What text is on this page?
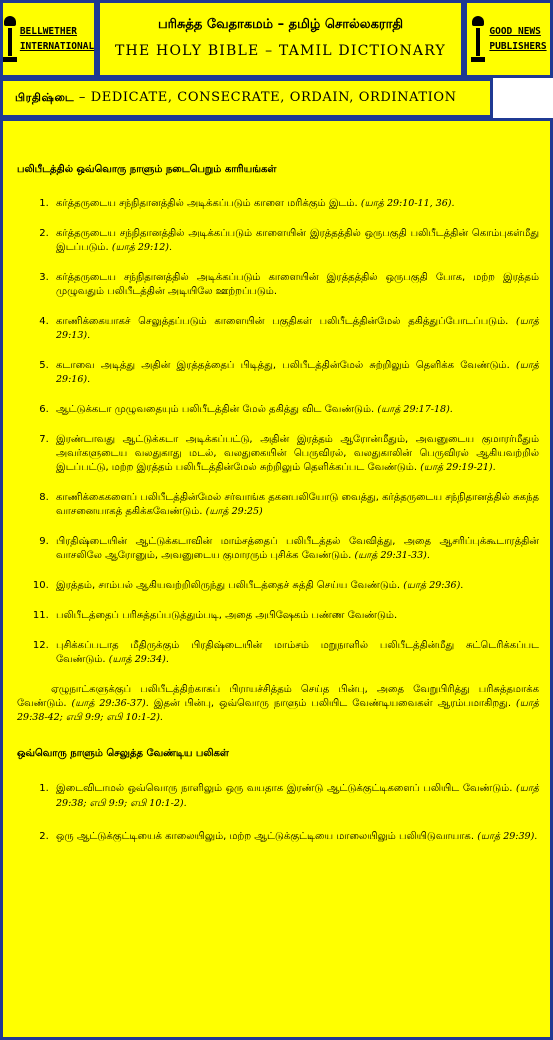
BELLWETHER
INTERNATIONAL
பரிசுத்த வேதாகமம் – தமிழ் சொல்லகராதி
THE HOLY BIBLE – TAMIL DICTIONARY
GOOD NEWS
PUBLISHERS
பிரதிஷ்டை – DEDICATE, CONSECRATE, ORDAIN, ORDINATION
பலிபீடத்தில் ஒவ்வொரு நாளும் நடைபெறும் காரியங்கள்
1. கர்த்தருடைய சந்நிதானத்தில் அடிக்கப்படும் காளை மரிக்கும் இடம். (யாத் 29:10-11, 36).
2. கர்த்தருடைய சந்நிதானத்தில் அடிக்கப்படும் காளையின் இரத்தத்தில் ஒருபகுதி பலிபீடத்தின் கொம்புகள்மீது இடப்படும். (யாத் 29:12).
3. கர்த்தருடைய சந்நிதானத்தில் அடிக்கப்படும் காளையின் இரத்தத்தில் ஒருபகுதி போக, மற்ற இரத்தம் முழுவதும் பலிபீடத்தின் அடியிலே ஊற்றப்படும்.
4. காணிக்கையாகச் செலுத்தப்படும் காளையின் பகுதிகள் பலிபீடத்தின்மேல் தகித்துப்போடப்படும். (யாத் 29:13).
5. கடாவை அடித்து அதின் இரத்தத்தைப் பிடித்து, பலிபீடத்தின்மேல் சுற்றிலும் தெளிக்க வேண்டும். (யாத் 29:16).
6. ஆட்டுக்கடா முழுவதையும் பலிபீடத்தின் மேல் தகித்து விட வேண்டும். (யாத் 29:17-18).
7. இரண்டாவது ஆட்டுக்கடா அடிக்கப்பட்டு, அதின் இரத்தம் ஆரோன்மீதும், அவனுடைய குமாரர்மீதும் அவர்களுடைய வலதுகாது மடல், வலதுகையின் பெருவிரல், வலதுகாலின் பெருவிரல் ஆகியவற்றில் இடப்பட்டு, மற்ற இரத்தம் பலிபீடத்தின்மேல் சுற்றிலும் தெளிக்கப்பட வேண்டும். (யாத் 29:19-21).
8. காணிக்கைகளைப் பலிபீடத்தின்மேல் சர்வாங்க தகனபலியோடு வைத்து, கர்த்தருடைய சந்நிதானத்தில் சுகந்த வாசனையாகத் தகிக்கவேண்டும். (யாத் 29:25)
9. பிரதிஷ்டையின் ஆட்டுக்கடாவின் மாம்சத்தைப் பலிபீடத்தல் வேவித்து, அதை ஆசரிப்புக்கூடாரத்தின் வாசலிலே ஆரோனும், அவனுடைய குமாரரும் புசிக்க வேண்டும். (யாத் 29:31-33).
10. இரத்தம், சாம்பல் ஆகியவற்றிலிருந்து பலிபீடத்தைச் சுத்தி செய்ய வேண்டும். (யாத் 29:36).
11. பலிபீடத்தைப் பரிசுத்தப்படுத்தும்படி, அதை அபிஷேகம் பண்ண வேண்டும்.
12. புசிக்கப்படாத மீதிருக்கும் பிரதிஷ்டையின் மாம்சம் மறுநாளில் பலிபீடத்தின்மீது சுட்டெரிக்கப்பட வேண்டும். (யாத் 29:34).

ஏழுநாட்களுக்குப் பலிபீடத்திற்காகப் பிராயச்சித்தம் செய்த பின்பு, அதை வேறுபிரித்து பரிசுத்தமாக்க வேண்டும். (யாத் 29:36-37). இதன் பின்பு, ஒவ்வொரு நாளும் பலியிட வேண்டியவைகள் ஆரம்பமாகிறது. (யாத் 29:38-42; எபி 9:9; எபி 10:1-2).

ஒவ்வொரு நாளும் செலுத்த வேண்டிய பலிகள்
1. இடைவிடாமல் ஒவ்வொரு நாளிலும் ஒரு வயதாக இரண்டு ஆட்டுக்குட்டிகளைப் பலியிட வேண்டும். (யாத் 29:38; எபி 9:9; எபி 10:1-2).
2. ஒரு ஆட்டுக்குட்டியைக் காலையிலும், மற்ற ஆட்டுக்குட்டியை மாலையிலும் பலியிடுவாயாக. (யாத் 29:39).
